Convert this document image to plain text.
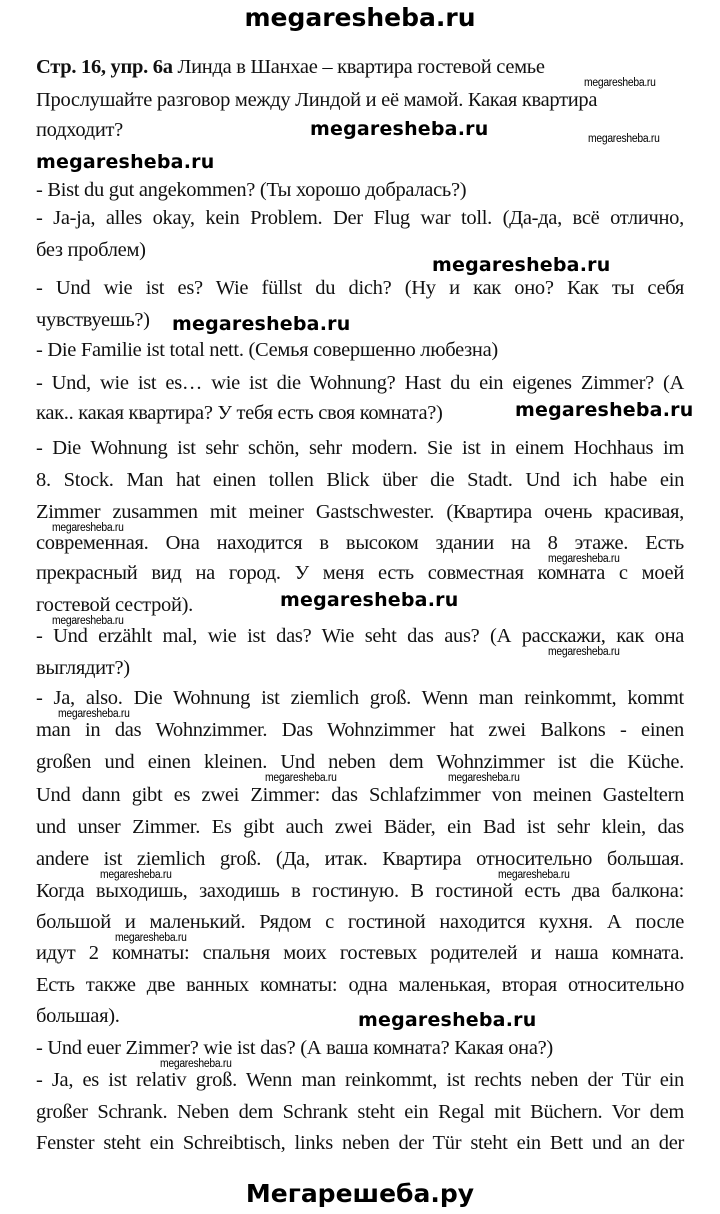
megaresheba.ru
Стр. 16, упр. 6а Линда в Шанхае – квартира гостевой семье
Прослушайте разговор между Линдой и её мамой. Какая квартира
подходит?
- Bist du gut angekommen? (Ты хорошо добралась?)
- Ja-ja, alles okay, kein Problem. Der Flug war toll. (Да-да, всё отлично,
без проблем)
- Und wie ist es? Wie füllst du dich? (Ну и как оно? Как ты себя
чувствуешь?)
- Die Familie ist total nett. (Семья совершенно любезна)
- Und, wie ist es… wie ist die Wohnung? Hast du ein eigenes Zimmer? (А
как.. какая квартира? У тебя есть своя комната?)
- Die Wohnung ist sehr schön, sehr modern. Sie ist in einem Hochhaus im
8. Stock. Man hat einen tollen Blick über die Stadt. Und ich habe ein
Zimmer zusammen mit meiner Gastschwester. (Квартира очень красивая,
современная. Она находится в высоком здании на 8 этаже. Есть
прекрасный вид на город. У меня есть совместная комната с моей
гостевой сестрой).
- Und erzählt mal, wie ist das? Wie seht das aus? (А расскажи, как она
выглядит?)
- Ja, also. Die Wohnung ist ziemlich groß. Wenn man reinkommt, kommt
man in das Wohnzimmer. Das Wohnzimmer hat zwei Balkons - einen
großen und einen kleinen. Und neben dem Wohnzimmer ist die Küche.
Und dann gibt es zwei Zimmer: das Schlafzimmer von meinen Gasteltern
und unser Zimmer. Es gibt auch zwei Bäder, ein Bad ist sehr klein, das
andere ist ziemlich groß. (Да, итак. Квартира относительно большая.
Когда выходишь, заходишь в гостиную. В гостиной есть два балкона:
большой и маленький. Рядом с гостиной находится кухня. А после
идут 2 комнаты: спальня моих гостевых родителей и наша комната.
Есть также две ванных комнаты: одна маленькая, вторая относительно
большая).
- Und euer Zimmer? wie ist das? (А ваша комната? Какая она?)
- Ja, es ist relativ groß. Wenn man reinkommt, ist rechts neben der Tür ein
großer Schrank. Neben dem Schrank steht ein Regal mit Büchern. Vor dem
Fenster steht ein Schreibtisch, links neben der Tür steht ein Bett und an der
megaresheba.ru
megaresheba.ru
megaresheba.ru
megaresheba.ru
megaresheba.ru
megaresheba.ru
megaresheba.ru
megaresheba.ru
megaresheba.ru
megaresheba.ru
megaresheba.ru
megaresheba.ru
megaresheba.ru
megaresheba.ru
megaresheba.ru	megaresheba.ru
megaresheba.ru	megaresheba.ru
megaresheba.ru
megaresheba.ru
Мегарешеба.ру
